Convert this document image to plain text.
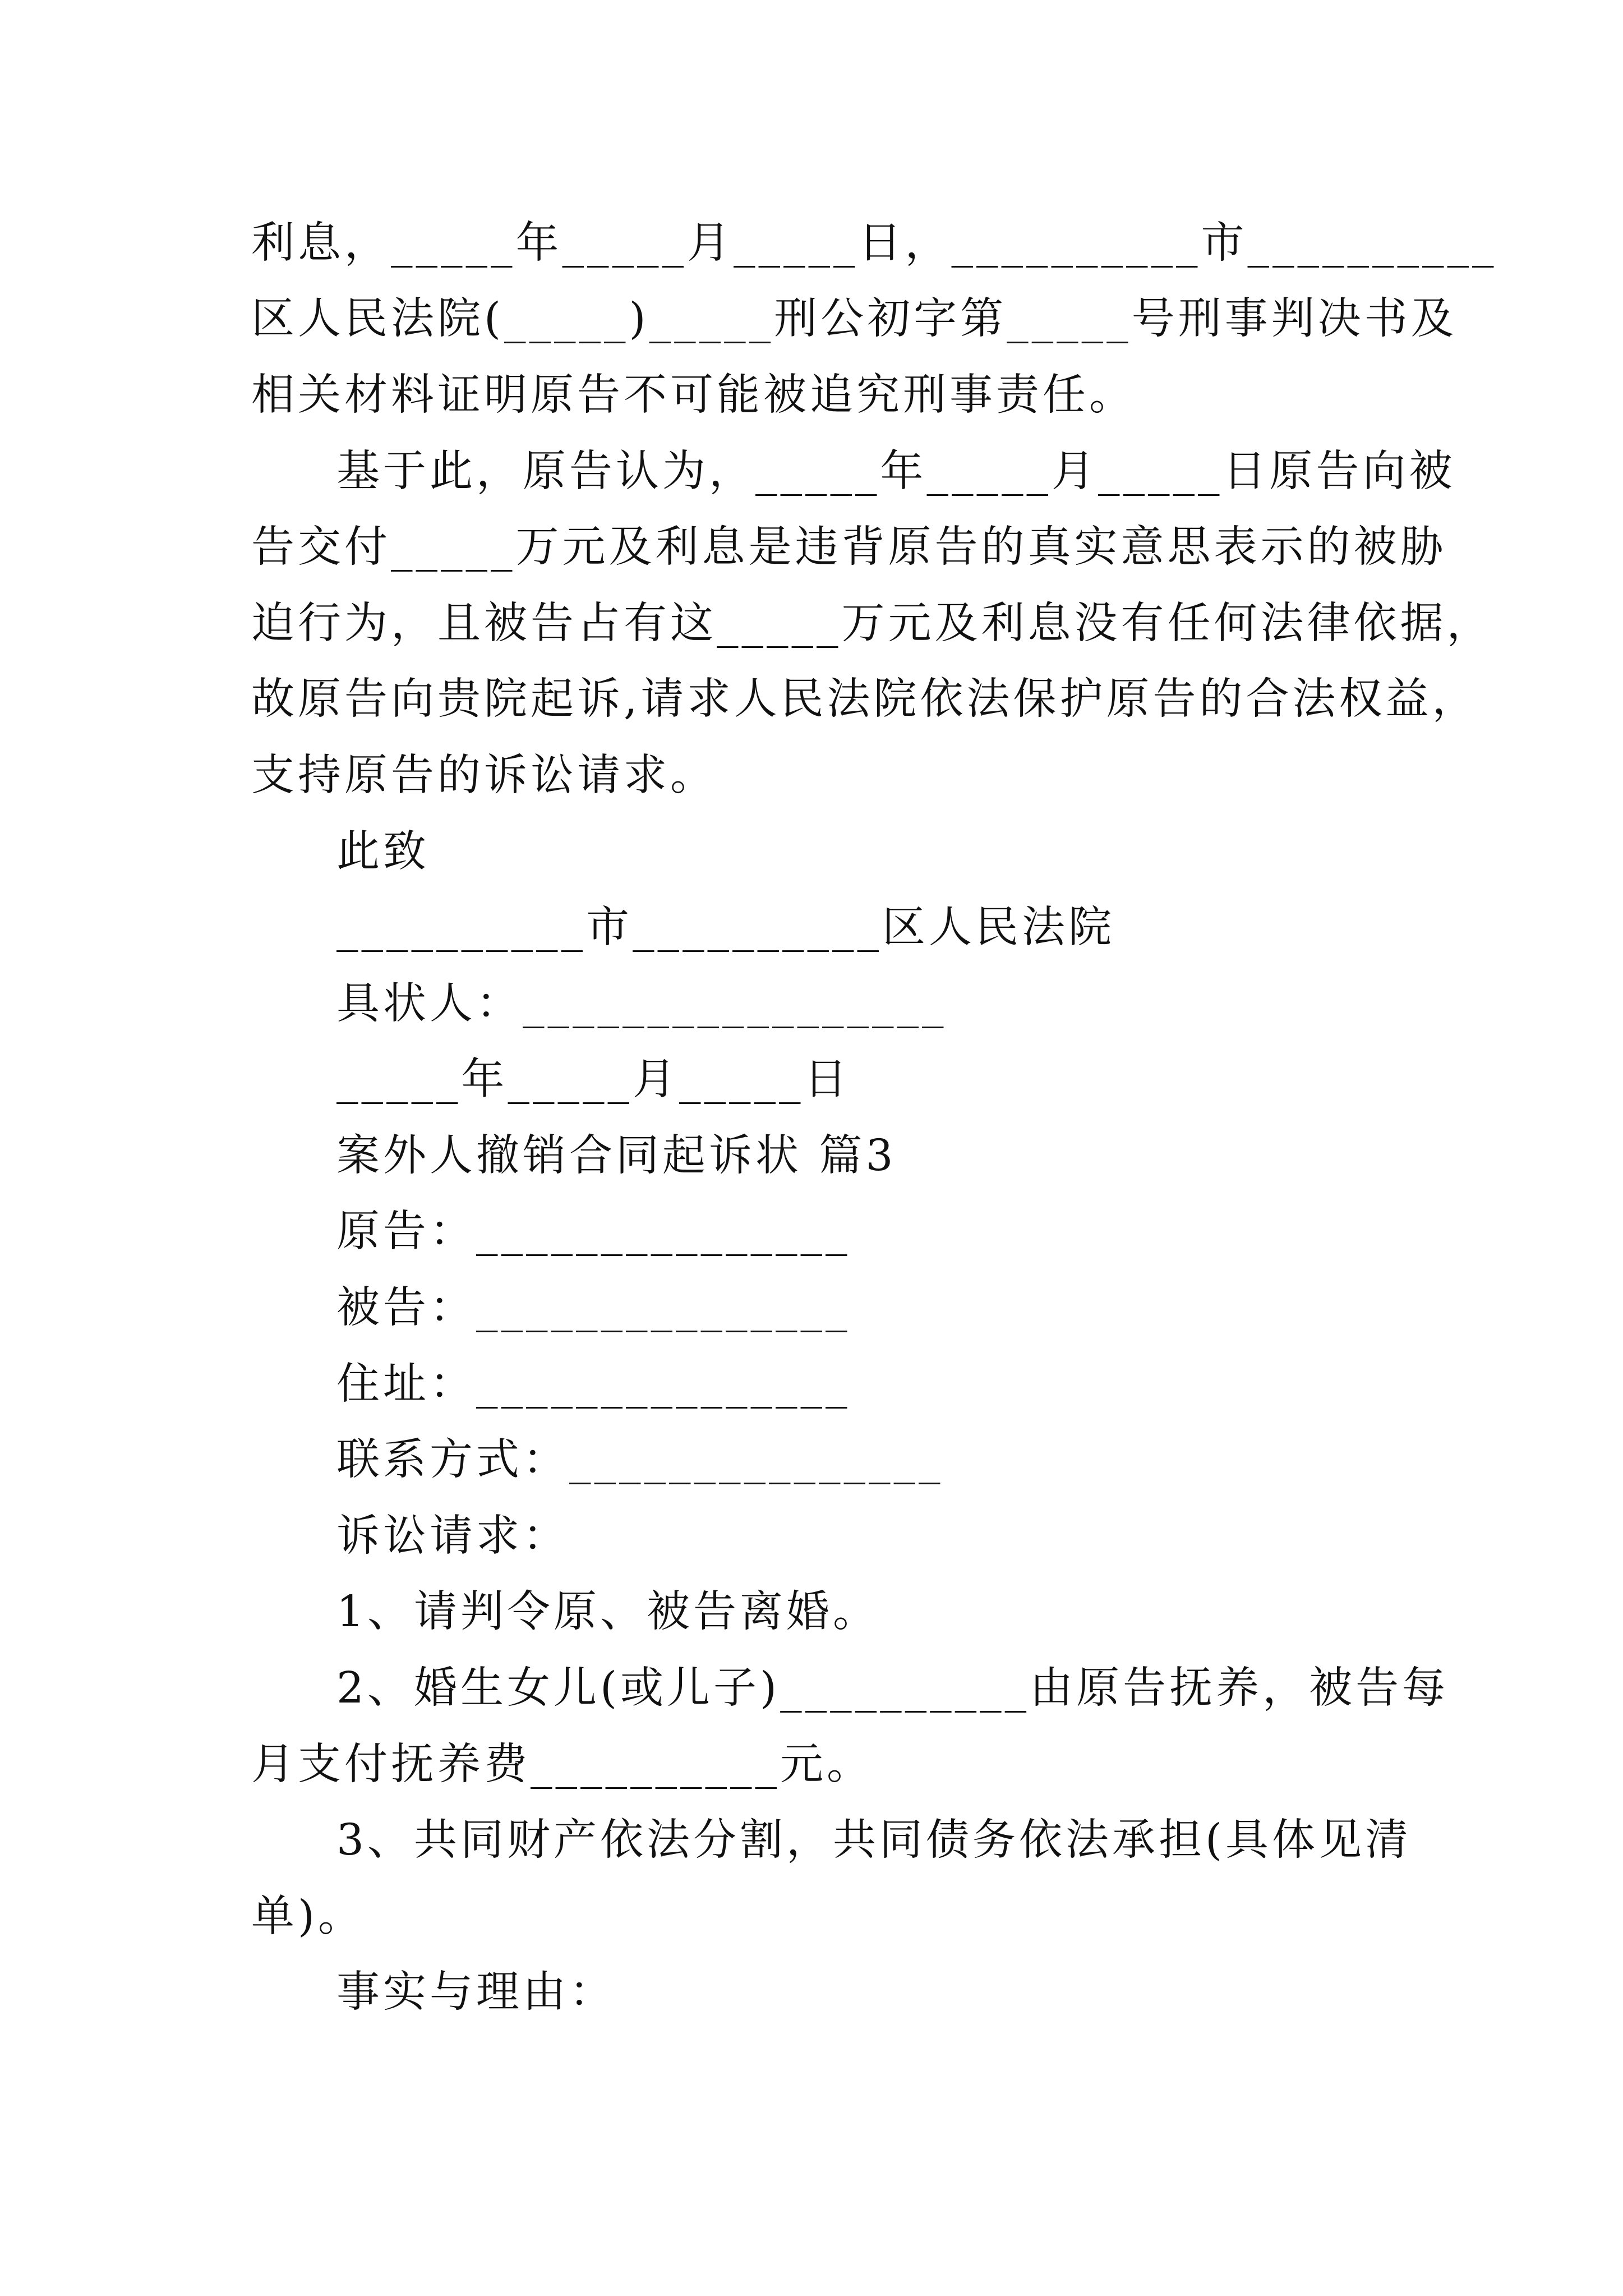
利息，_____年_____月_____日，__________市__________
区人民法院(_____)_____刑公初字第_____号刑事判决书及
相关材料证明原告不可能被追究刑事责任。
基于此，原告认为，_____年_____月_____日原告向被
告交付_____万元及利息是违背原告的真实意思表示的被胁
迫行为，且被告占有这_____万元及利息没有任何法律依据，
故原告向贵院起诉,请求人民法院依法保护原告的合法权益，
支持原告的诉讼请求。
此致
__________市__________区人民法院
具状人：_________________
_____年_____月_____日
案外人撤销合同起诉状 篇3
原告：_______________
被告：_______________
住址：_______________
联系方式：_______________
诉讼请求：
1、请判令原、被告离婚。
2、婚生女儿(或儿子)__________由原告抚养，被告每
月支付抚养费__________元。
3、共同财产依法分割，共同债务依法承担(具体见清
单)。
事实与理由：
